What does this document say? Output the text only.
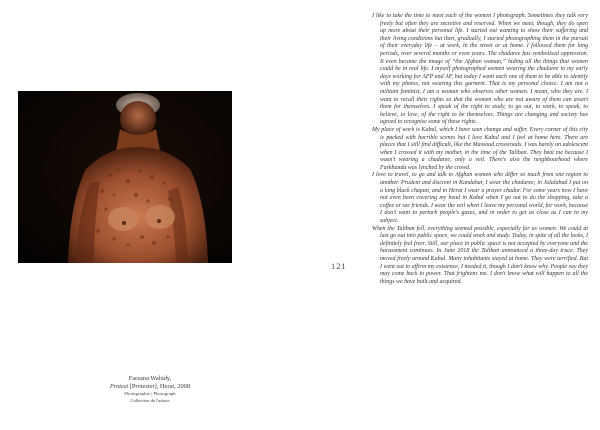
Farzana Wahidy,
Protest [Protester], Herat, 2008
Photographie | Photograph
Collection de l'artiste
121

I like to take the time to meet each of the women I photograph. Sometimes they talk very freely but often they are secretive and reserved. When we meet, though, they do open up more about their personal life. I started out wanting to show their suffering and their living conditions but then, gradually, I started photographing them in the pursuit of their everyday life – at work, in the street or at home. I followed them for long periods, over several months or even years. The chadaree has symbolised oppression. It even became the image of “the Afghan woman,” hiding all the things that women could be in real life. I myself photographed women wearing the chadaree in my early days working for AFP and AP, but today I want each one of them to be able to identify with my photos, not wearing this garment. That is my personal choice. I am not a militant feminist, I am a woman who observes other women. I mean, who they are. I want to recall their rights so that the women who are not aware of them can assert them for themselves. I speak of the right to study, to go out, to work, to speak, to believe, to love, of the right to be themselves. Things are changing and society has agreed to recognise some of these rights.

My place of work is Kabul, which I have seen change and suffer. Every corner of this city is packed with horrible scenes but I love Kabul and I feel at home here. There are places that I still find difficult, like the Massoud crossroads. I was barely an adolescent when I crossed it with my mother, in the time of the Taliban. They beat me because I wasn't wearing a chadaree, only a veil. There's also the neighbourhood where Farkhunda was lynched by the crowd.

I love to travel, to go and talk to Afghan women who differ so much from one region to another. Prudent and discreet in Kandahar, I wear the chadaree; in Jalalabad I put on a long black chapan, and in Herat I wear a prayer chador. For some years now I have not even been covering my head in Kabul when I go out to do the shopping, take a coffee or see friends. I wear the veil when I leave my personal world, for work, because I don't want to perturb people's gazes, and in order to get as close as I can to my subject.

When the Taliban fell, everything seemed possible, especially for us women. We could at last go out into public space, we could work and study. Today, in spite of all the looks, I definitely feel freer. Still, our place in public space is not accepted by everyone and the harassment continues. In June 2018 the Taliban announced a three-day truce. They moved freely around Kabul. Many inhabitants stayed at home. They were terrified. But I went out to affirm my existence, I needed it, though I don't know why. People say they may come back to power. That frightens me. I don't know what will happen to all the things we have built and acquired.
